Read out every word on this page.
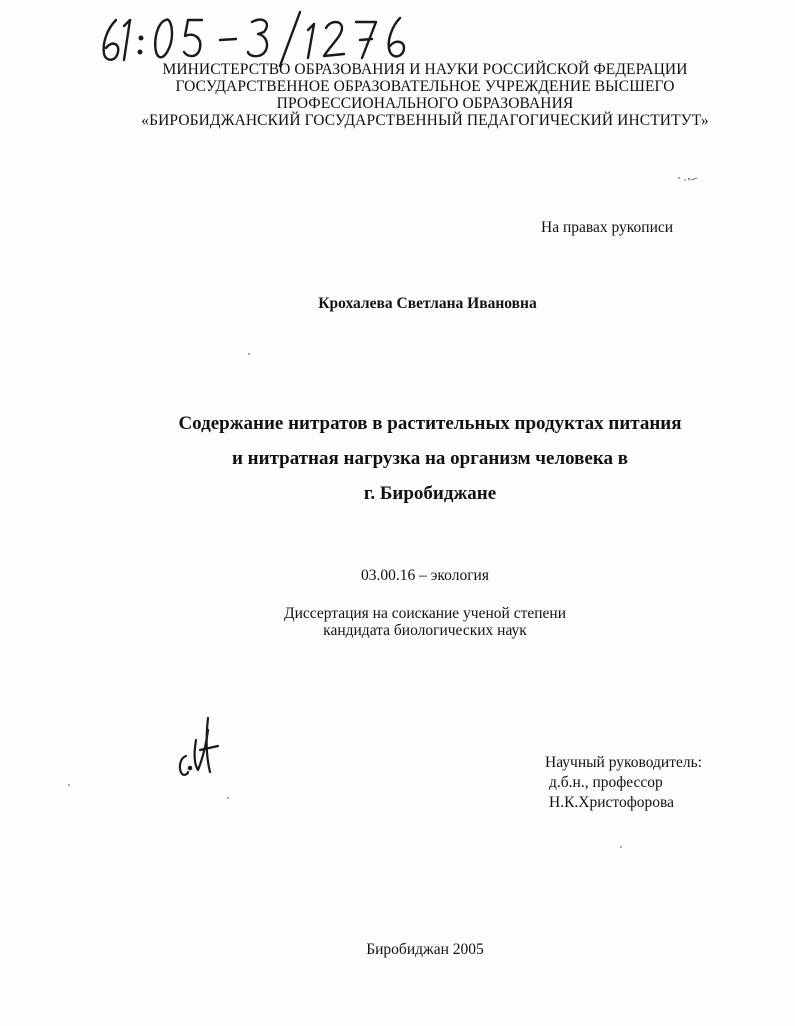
МИНИСТЕРСТВО ОБРАЗОВАНИЯ И НАУКИ РОССИЙСКОЙ ФЕДЕРАЦИИ
ГОСУДАРСТВЕННОЕ ОБРАЗОВАТЕЛЬНОЕ УЧРЕЖДЕНИЕ ВЫСШЕГО
ПРОФЕССИОНАЛЬНОГО ОБРАЗОВАНИЯ
«БИРОБИДЖАНСКИЙ ГОСУДАРСТВЕННЫЙ ПЕДАГОГИЧЕСКИЙ ИНСТИТУТ»
На правах рукописи
Крохалева Светлана Ивановна
Содержание нитратов в растительных продуктах питания
и нитратная нагрузка на организм человека в
г. Биробиджане
03.00.16 – экология
Диссертация на соискание ученой степени
кандидата биологических наук
Научный руководитель:
д.б.н., профессор
Н.К.Христофорова
Биробиджан 2005
